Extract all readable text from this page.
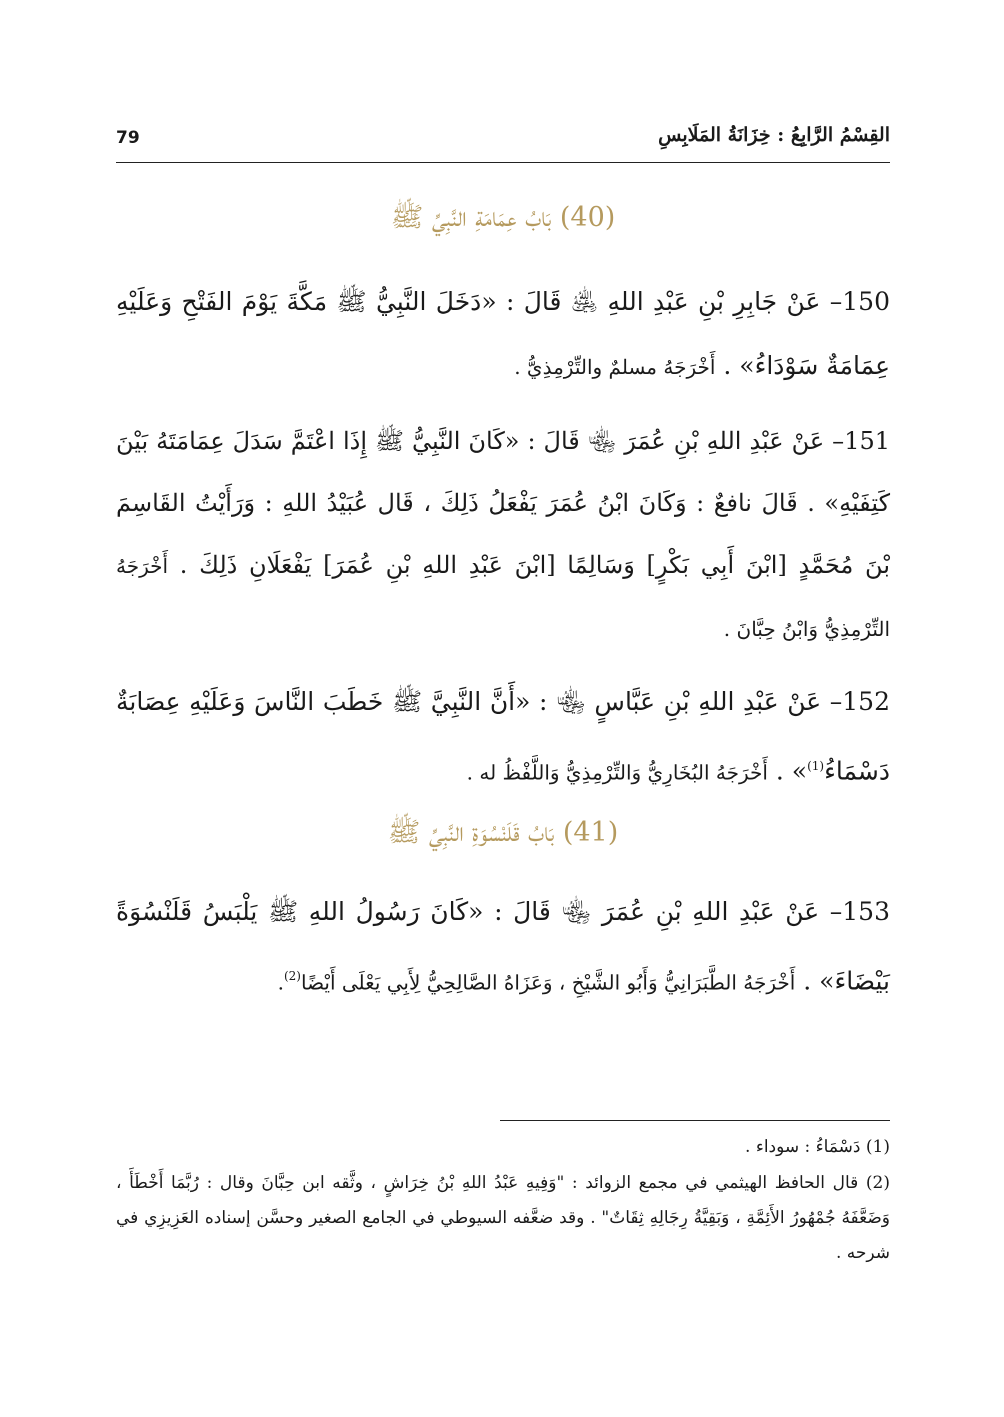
79	القِسْمُ الرَّابِعُ : خِزَانَةُ المَلَابِسِ
(40) بَابُ عِمَامَةِ النَّبِيِّ ﷺ
150– عَنْ جَابِرِ بْنِ عَبْدِ اللهِ ﵁ قَالَ : «دَخَلَ النَّبِيُّ ﷺ مَكَّةَ يَوْمَ الفَتْحِ وَعَلَيْهِ عِمَامَةٌ سَوْدَاءُ» . أَخْرَجَهُ مسلمٌ والتِّرْمِذِيُّ .
151– عَنْ عَبْدِ اللهِ بْنِ عُمَرَ ﵄ قَالَ : «كَانَ النَّبِيُّ ﷺ إِذَا اعْتَمَّ سَدَلَ عِمَامَتَهُ بَيْنَ كَتِفَيْهِ» . قَالَ نافعٌ : وَكَانَ ابْنُ عُمَرَ يَفْعَلُ ذَلِكَ ، قَال عُبَيْدُ اللهِ : وَرَأَيْتُ القَاسِمَ بْنَ مُحَمَّدٍ [ابْنَ أَبِي بَكْرٍ] وَسَالِمًا [ابْنَ عَبْدِ اللهِ بْنِ عُمَرَ] يَفْعَلَانِ ذَلِكَ . أَخْرَجَهُ التِّرْمِذِيُّ وَابْنُ حِبَّانَ .
152– عَنْ عَبْدِ اللهِ بْنِ عَبَّاسٍ ﵄ : «أَنَّ النَّبِيَّ ﷺ خَطَبَ النَّاسَ وَعَلَيْهِ عِصَابَةٌ دَسْمَاءُ$^{(1)}$» . أَخْرَجَهُ البُخَارِيُّ وَالتِّرْمِذِيُّ وَاللَّفْظُ له .
(41) بَابُ قَلَنْسُوَةِ النَّبِيِّ ﷺ
153– عَنْ عَبْدِ اللهِ بْنِ عُمَرَ ﵄ قَالَ : «كَانَ رَسُولُ اللهِ ﷺ يَلْبَسُ قَلَنْسُوَةً بَيْضَاءَ» . أَخْرَجَهُ الطَّبَرَانِيُّ وَأَبُو الشَّيْخِ ، وَعَزَاهُ الصَّالِحِيُّ لِأَبِي يَعْلَى أَيْضًا$^{(2)}$.
(1) دَسْمَاءُ : سوداء .
(2) قال الحافظ الهيثمي في مجمع الزوائد : "وَفِيهِ عَبْدُ اللهِ بْنُ خِرَاشٍ ، وثَّقه ابن حِبَّانَ وقال : رُبَّمَا أَخْطَأَ ، وَضَعَّفَهُ جُمْهُورُ الأَئِمَّةِ ، وَبَقِيَّةُ رِجَالِهِ ثِقَاتٌ" . وقد ضعَّفه السيوطي في الجامع الصغير وحسَّن إسناده العَزِيزِي في شرحه .
